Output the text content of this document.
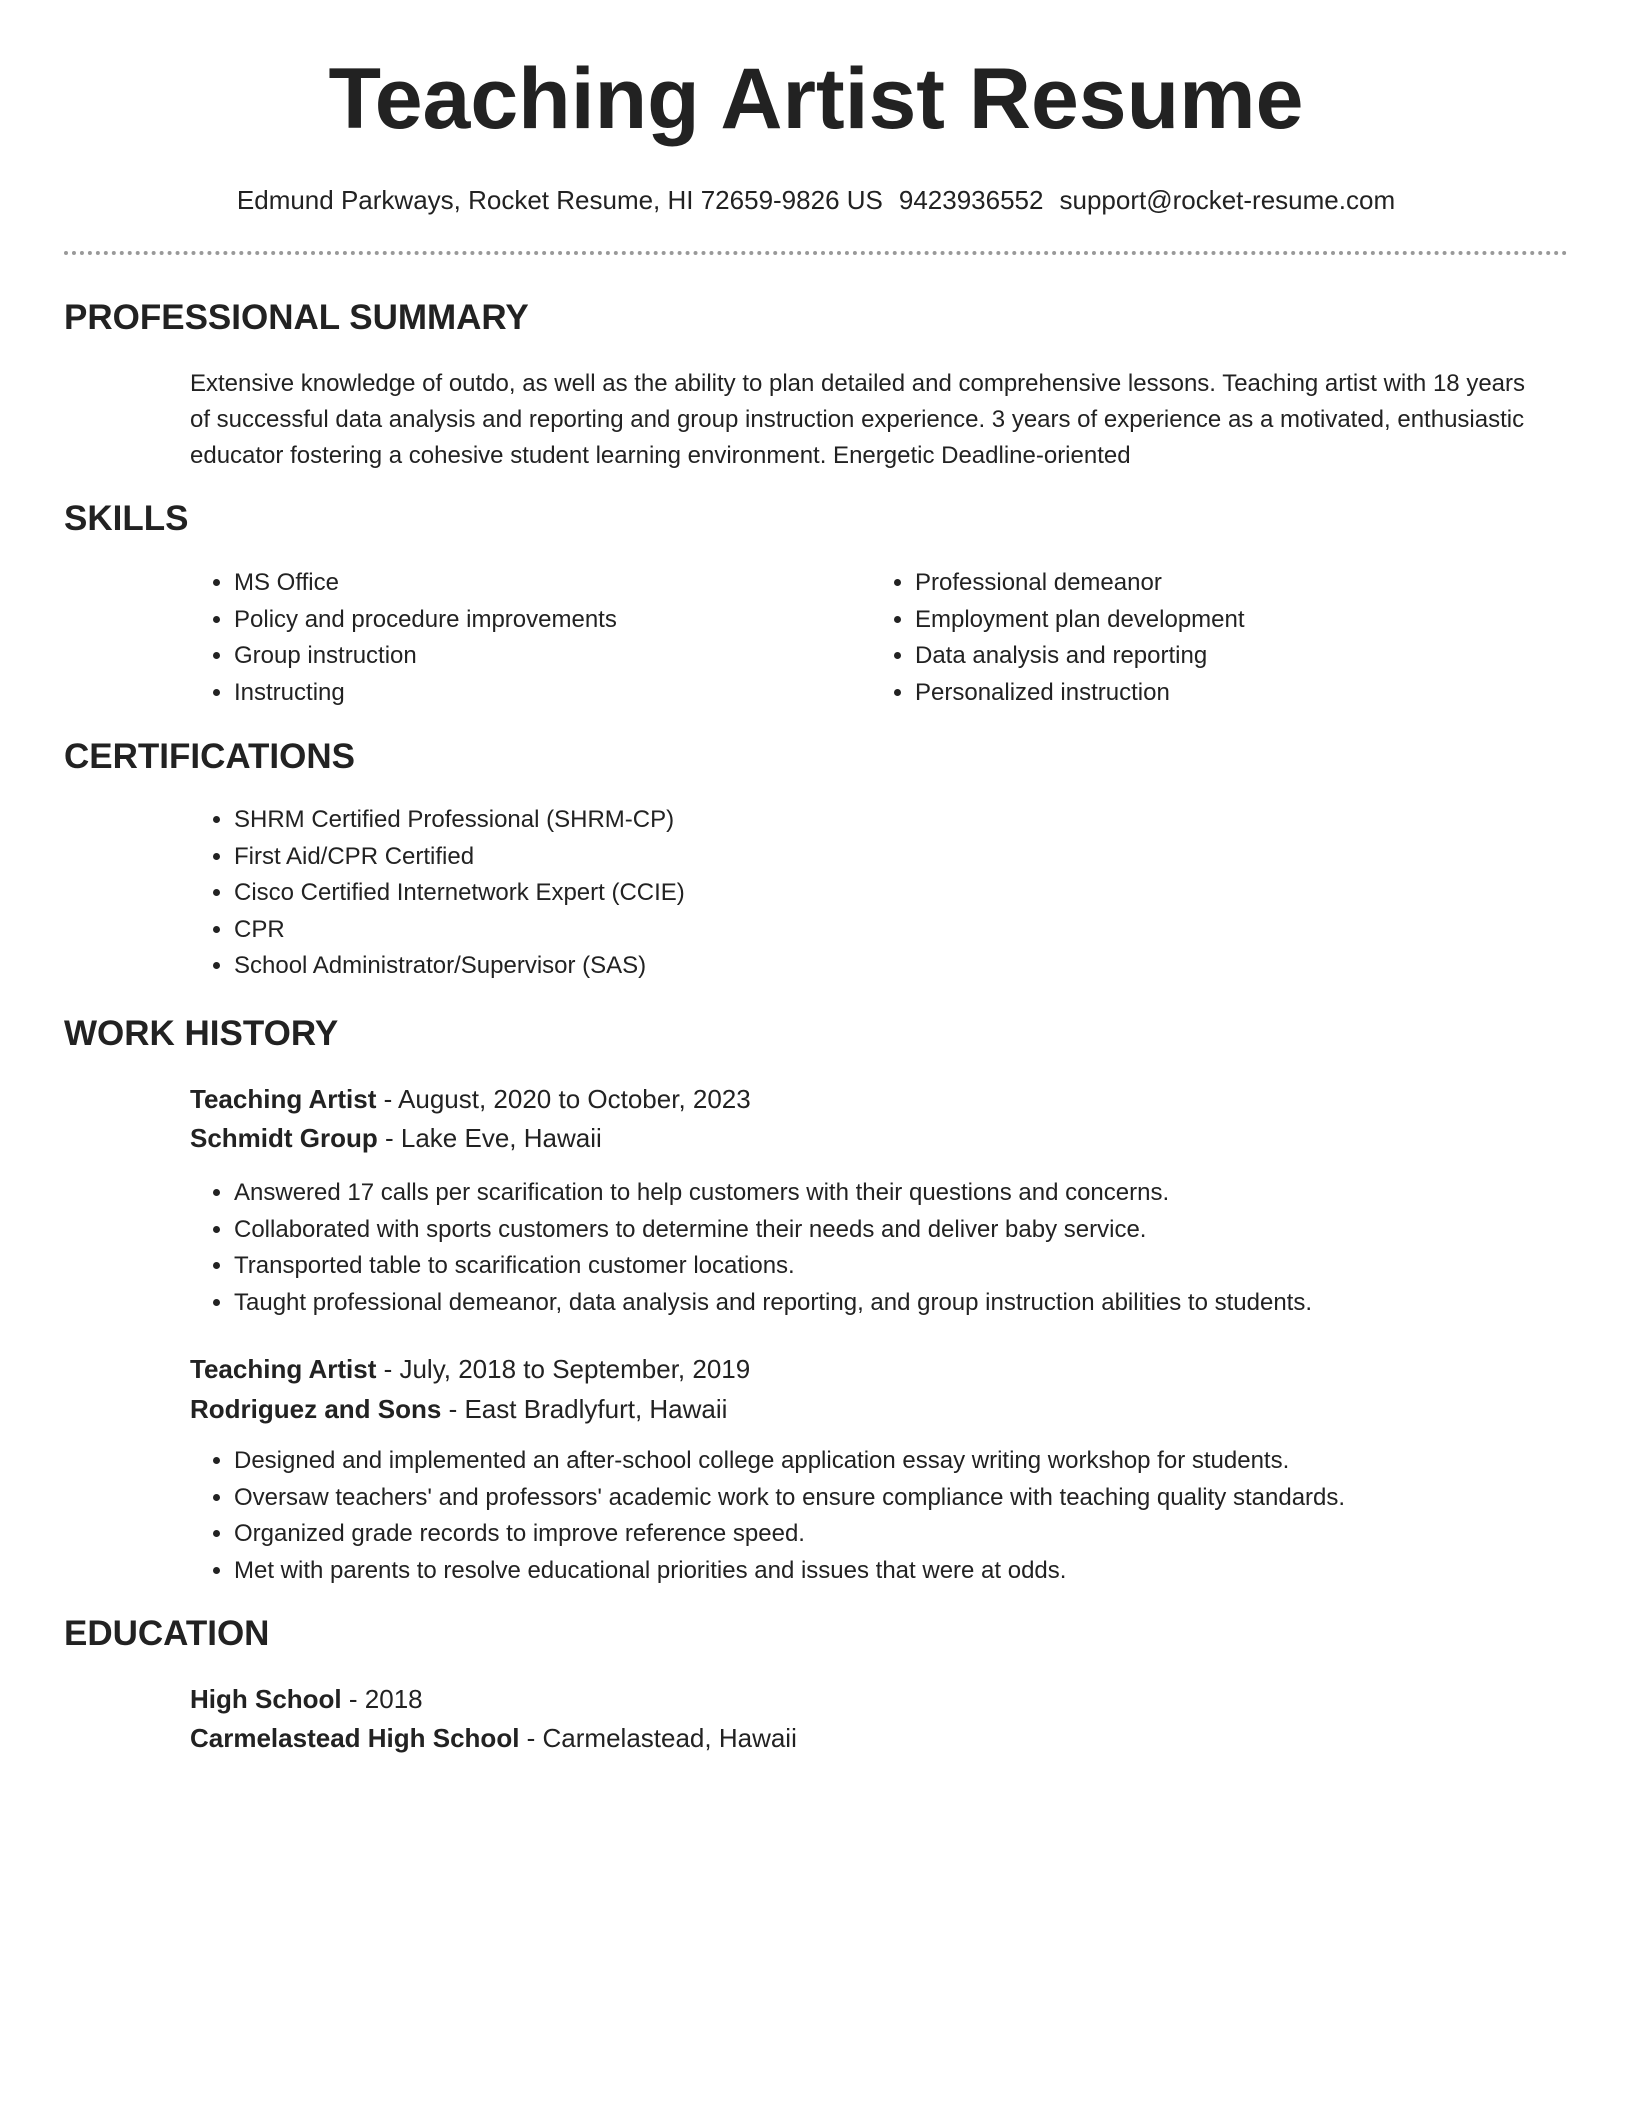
Teaching Artist Resume
Edmund Parkways, Rocket Resume, HI 72659-9826 US 9423936552 support@rocket-resume.com
PROFESSIONAL SUMMARY

Extensive knowledge of outdo, as well as the ability to plan detailed and comprehensive lessons. Teaching artist with 18 years of successful data analysis and reporting and group instruction experience. 3 years of experience as a motivated, enthusiastic educator fostering a cohesive student learning environment. Energetic Deadline-oriented

SKILLS
• MS Office
• Policy and procedure improvements
• Group instruction
• Instructing
• Professional demeanor
• Employment plan development
• Data analysis and reporting
• Personalized instruction
CERTIFICATIONS
• SHRM Certified Professional (SHRM-CP)
• First Aid/CPR Certified
• Cisco Certified Internetwork Expert (CCIE)
• CPR
• School Administrator/Supervisor (SAS)
WORK HISTORY
Teaching Artist - August, 2020 to October, 2023
Schmidt Group - Lake Eve, Hawaii
• Answered 17 calls per scarification to help customers with their questions and concerns.
• Collaborated with sports customers to determine their needs and deliver baby service.
• Transported table to scarification customer locations.
• Taught professional demeanor, data analysis and reporting, and group instruction abilities to students.
Teaching Artist - July, 2018 to September, 2019
Rodriguez and Sons - East Bradlyfurt, Hawaii
• Designed and implemented an after-school college application essay writing workshop for students.
• Oversaw teachers' and professors' academic work to ensure compliance with teaching quality standards.
• Organized grade records to improve reference speed.
• Met with parents to resolve educational priorities and issues that were at odds.
EDUCATION
High School - 2018
Carmelastead High School - Carmelastead, Hawaii
